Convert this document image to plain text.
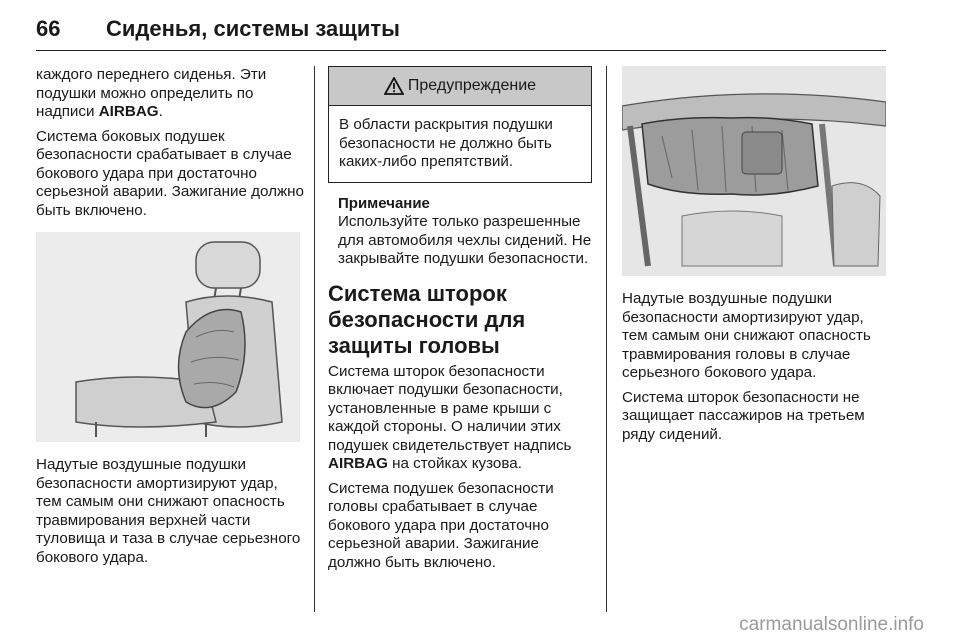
66 Сиденья, системы защиты

каждого переднего сиденья. Эти подушки можно определить по надписи AIRBAG.

Система боковых подушек безопасности срабатывает в случае бокового удара при достаточно серьезной аварии. Зажигание должно быть включено.

Надутые воздушные подушки безопасности амортизируют удар, тем самым они снижают опасность травмирования верхней части туловища и таза в случае серьезного бокового удара.

Предупреждение
В области раскрытия подушки безопасности не должно быть каких-либо препятствий.
Примечание

Используйте только разрешенные для автомобиля чехлы сидений. Не закрывайте подушки безопасности.

Система шторок безопасности для защиты головы

Система шторок безопасности включает подушки безопасности, установленные в раме крыши с каждой стороны. О наличии этих подушек свидетельствует надпись AIRBAG на стойках кузова.

Система подушек безопасности головы срабатывает в случае бокового удара при достаточно серьезной аварии. Зажигание должно быть включено.

Надутые воздушные подушки безопасности амортизируют удар, тем самым они снижают опасность травмирования головы в случае серьезного бокового удара.

Система шторок безопасности не защищает пассажиров на третьем ряду сидений.

carmanualsonline.info
